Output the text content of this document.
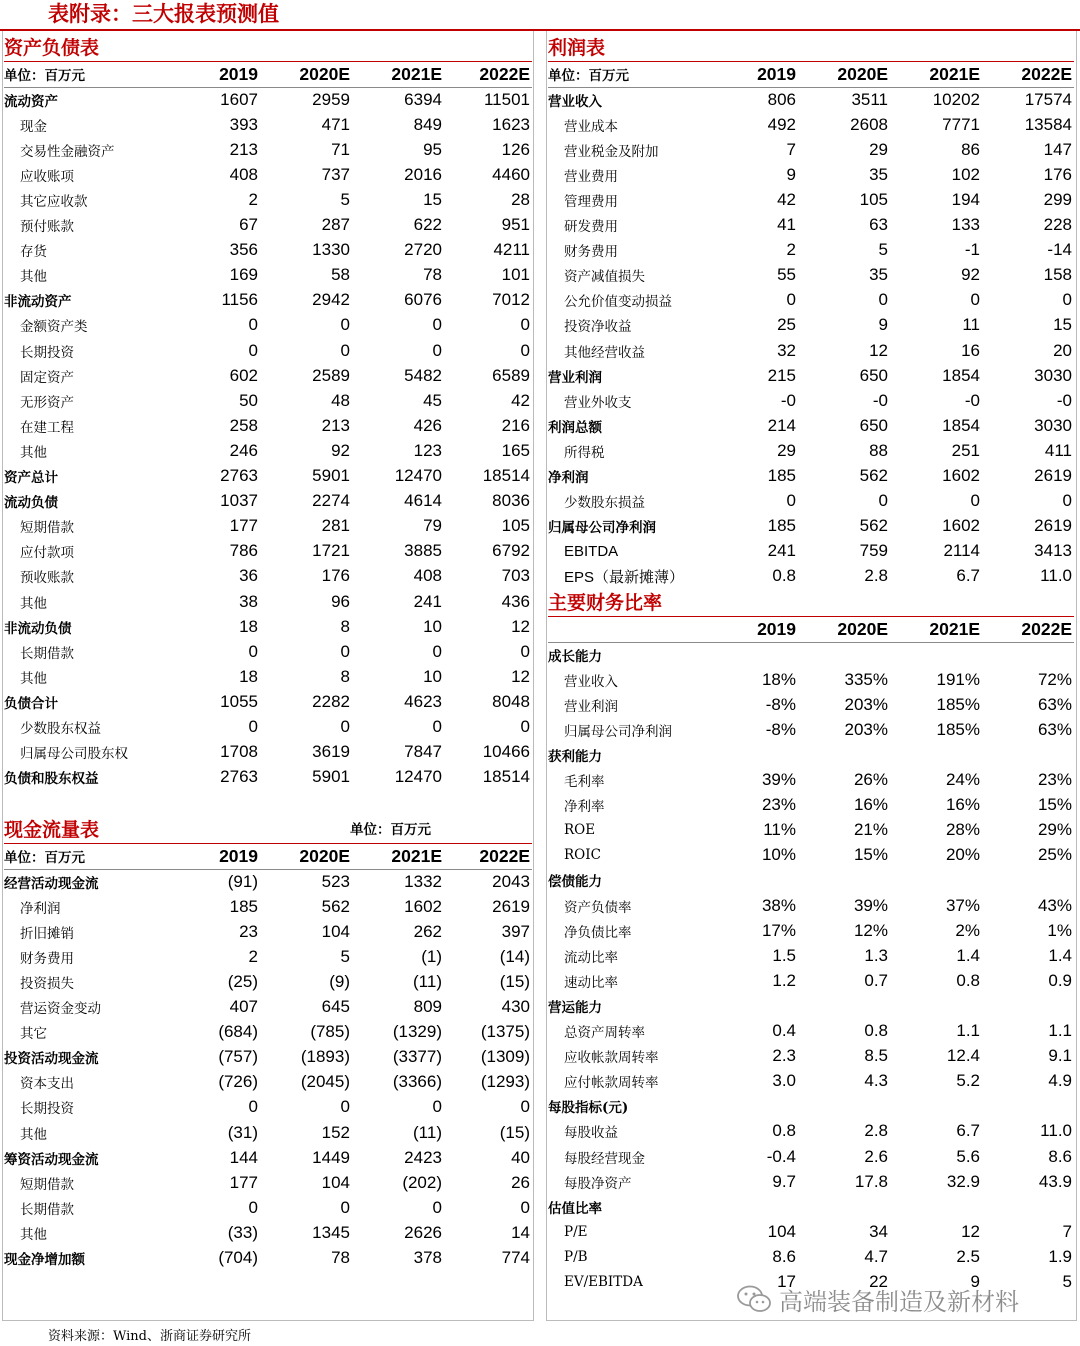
表附录：三大报表预测值
资产负债表
单位：百万元	2019	2020E	2021E	2022E
流动资产	1607	2959	6394	11501
现金	393	471	849	1623
交易性金融资产	213	71	95	126
应收账项	408	737	2016	4460
其它应收款	2	5	15	28
预付账款	67	287	622	951
存货	356	1330	2720	4211
其他	169	58	78	101
非流动资产	1156	2942	6076	7012
金额资产类	0	0	0	0
长期投资	0	0	0	0
固定资产	602	2589	5482	6589
无形资产	50	48	45	42
在建工程	258	213	426	216
其他	246	92	123	165
资产总计	2763	5901	12470	18514
流动负债	1037	2274	4614	8036
短期借款	177	281	79	105
应付款项	786	1721	3885	6792
预收账款	36	176	408	703
其他	38	96	241	436
非流动负债	18	8	10	12
长期借款	0	0	0	0
其他	18	8	10	12
负债合计	1055	2282	4623	8048
少数股东权益	0	0	0	0
归属母公司股东权	1708	3619	7847	10466
负债和股东权益	2763	5901	12470	18514
现金流量表	单位：百万元
单位：百万元	2019	2020E	2021E	2022E
经营活动现金流	(91)	523	1332	2043
净利润	185	562	1602	2619
折旧摊销	23	104	262	397
财务费用	2	5	(1)	(14)
投资损失	(25)	(9)	(11)	(15)
营运资金变动	407	645	809	430
其它	(684)	(785)	(1329)	(1375)
投资活动现金流	(757)	(1893)	(3377)	(1309)
资本支出	(726)	(2045)	(3366)	(1293)
长期投资	0	0	0	0
其他	(31)	152	(11)	(15)
筹资活动现金流	144	1449	2423	40
短期借款	177	104	(202)	26
长期借款	0	0	0	0
其他	(33)	1345	2626	14
现金净增加额	(704)	78	378	774
利润表
单位：百万元	2019	2020E	2021E	2022E
营业收入	806	3511	10202	17574
营业成本	492	2608	7771	13584
营业税金及附加	7	29	86	147
营业费用	9	35	102	176
管理费用	42	105	194	299
研发费用	41	63	133	228
财务费用	2	5	-1	-14
资产减值损失	55	35	92	158
公允价值变动损益	0	0	0	0
投资净收益	25	9	11	15
其他经营收益	32	12	16	20
营业利润	215	650	1854	3030
营业外收支	-0	-0	-0	-0
利润总额	214	650	1854	3030
所得税	29	88	251	411
净利润	185	562	1602	2619
少数股东损益	0	0	0	0
归属母公司净利润	185	562	1602	2619
EBITDA	241	759	2114	3413
EPS（最新摊薄）	0.8	2.8	6.7	11.0
主要财务比率
	2019	2020E	2021E	2022E
成长能力				
营业收入	18%	335%	191%	72%
营业利润	-8%	203%	185%	63%
归属母公司净利润	-8%	203%	185%	63%
获利能力				
毛利率	39%	26%	24%	23%
净利率	23%	16%	16%	15%
ROE	11%	21%	28%	29%
ROIC	10%	15%	20%	25%
偿债能力				
资产负债率	38%	39%	37%	43%
净负债比率	17%	12%	2%	1%
流动比率	1.5	1.3	1.4	1.4
速动比率	1.2	0.7	0.8	0.9
营运能力				
总资产周转率	0.4	0.8	1.1	1.1
应收帐款周转率	2.3	8.5	12.4	9.1
应付帐款周转率	3.0	4.3	5.2	4.9
每股指标(元)				
每股收益	0.8	2.8	6.7	11.0
每股经营现金	-0.4	2.6	5.6	8.6
每股净资产	9.7	17.8	32.9	43.9
估值比率				
P/E	104	34	12	7
P/B	8.6	4.7	2.5	1.9
EV/EBITDA	17	22	9	5
高端装备制造及新材料
资料来源：Wind、浙商证券研究所
